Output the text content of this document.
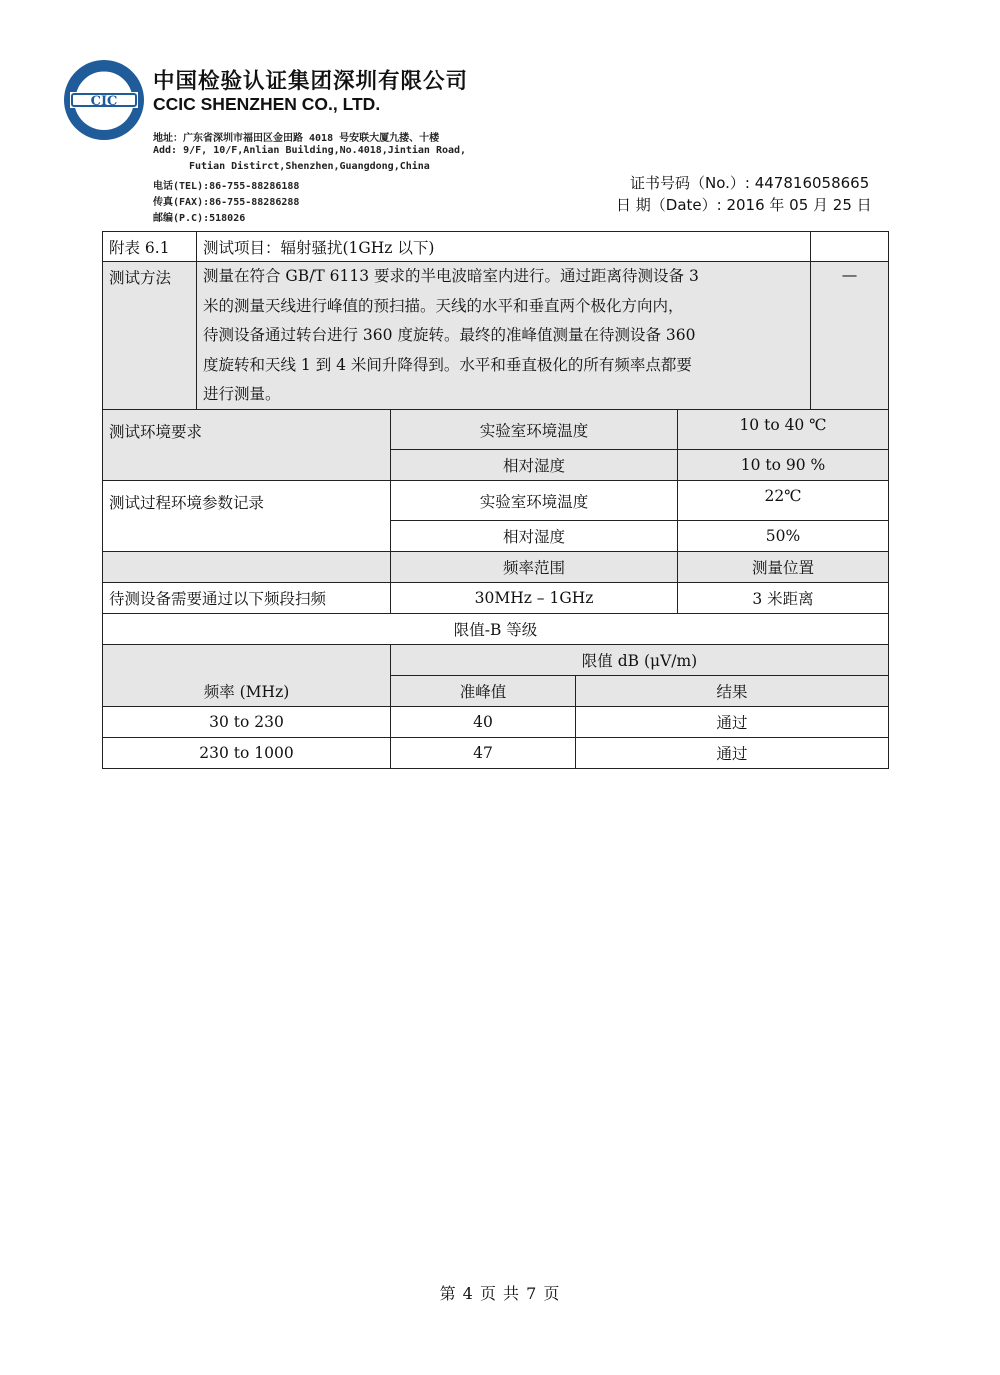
CIC
中国检验认证集团深圳有限公司
CCIC SHENZHEN CO., LTD.
地址：广东省深圳市福田区金田路 4018 号安联大厦九搂、十楼
Add: 9/F, 10/F,Anlian Building,No.4018,Jintian Road,
Futian Distirct,Shenzhen,Guangdong,China
电话(TEL):86-755-88286188
传真(FAX):86-755-88286288
邮编(P.C):518026
证书号码（No.）: 447816058665
日 期（Date）: 2016 年 05 月 25 日
附表 6.1	测试项目：辐射骚扰(1GHz 以下)	
测试方法	测量在符合 GB/T 6113 要求的半电波暗室内进行。通过距离待测设备 3
米的测量天线进行峰值的预扫描。天线的水平和垂直两个极化方向内，
待测设备通过转台进行 360 度旋转。最终的准峰值测量在待测设备 360
度旋转和天线 1 到 4 米间升降得到。水平和垂直极化的所有频率点都要
进行测量。	—
测试环境要求	实验室环境温度		10 to 40 ℃
	相对湿度		10 to 90 %
测试过程环境参数记录	实验室环境温度		22℃
	相对湿度		50%
	频率范围		测量位置
待测设备需要通过以下频段扫频	30MHz – 1GHz		3 米距离
限值-B 等级			
频率 (MHz)	限值 dB (μV/m)		
	准峰值	结果	
30 to 230	40	通过	
230 to 1000	47	通过	
第 4 页 共 7 页
